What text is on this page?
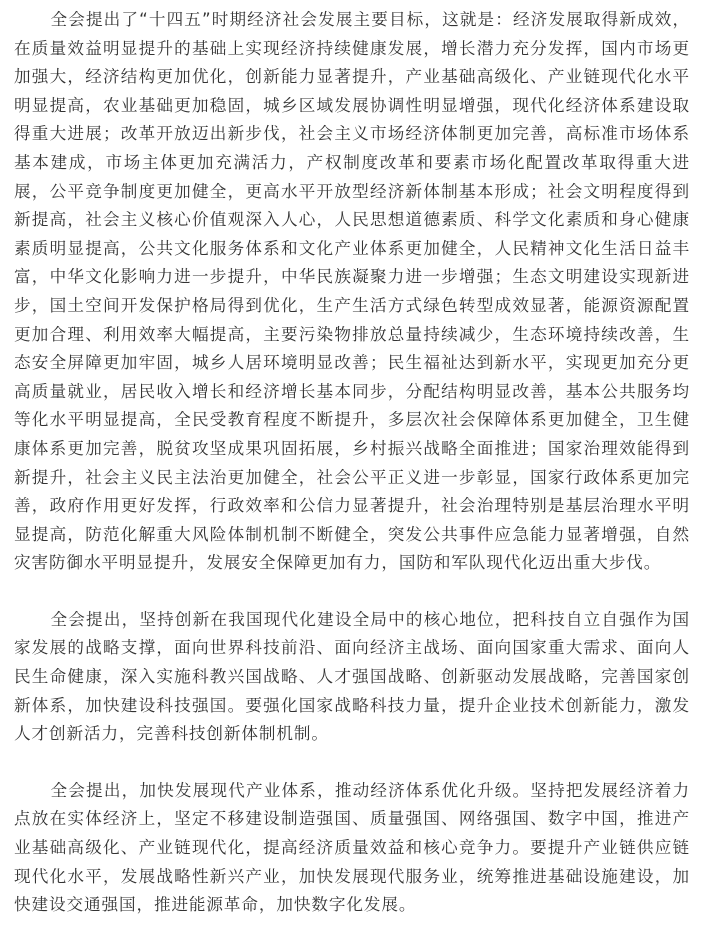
全会提出了“十四五”时期经济社会发展主要目标，这就是：经济发展取得新成效，在质量效益明显提升的基础上实现经济持续健康发展，增长潜力充分发挥，国内市场更加强大，经济结构更加优化，创新能力显著提升，产业基础高级化、产业链现代化水平明显提高，农业基础更加稳固，城乡区域发展协调性明显增强，现代化经济体系建设取得重大进展；改革开放迈出新步伐，社会主义市场经济体制更加完善，高标准市场体系基本建成，市场主体更加充满活力，产权制度改革和要素市场化配置改革取得重大进展，公平竞争制度更加健全，更高水平开放型经济新体制基本形成；社会文明程度得到新提高，社会主义核心价值观深入人心，人民思想道德素质、科学文化素质和身心健康素质明显提高，公共文化服务体系和文化产业体系更加健全，人民精神文化生活日益丰富，中华文化影响力进一步提升，中华民族凝聚力进一步增强；生态文明建设实现新进步，国土空间开发保护格局得到优化，生产生活方式绿色转型成效显著，能源资源配置更加合理、利用效率大幅提高，主要污染物排放总量持续减少，生态环境持续改善，生态安全屏障更加牢固，城乡人居环境明显改善；民生福祉达到新水平，实现更加充分更高质量就业，居民收入增长和经济增长基本同步，分配结构明显改善，基本公共服务均等化水平明显提高，全民受教育程度不断提升，多层次社会保障体系更加健全，卫生健康体系更加完善，脱贫攻坚成果巩固拓展，乡村振兴战略全面推进；国家治理效能得到新提升，社会主义民主法治更加健全，社会公平正义进一步彰显，国家行政体系更加完善，政府作用更好发挥，行政效率和公信力显著提升，社会治理特别是基层治理水平明显提高，防范化解重大风险体制机制不断健全，突发公共事件应急能力显著增强，自然灾害防御水平明显提升，发展安全保障更加有力，国防和军队现代化迈出重大步伐。

全会提出，坚持创新在我国现代化建设全局中的核心地位，把科技自立自强作为国家发展的战略支撑，面向世界科技前沿、面向经济主战场、面向国家重大需求、面向人民生命健康，深入实施科教兴国战略、人才强国战略、创新驱动发展战略，完善国家创新体系，加快建设科技强国。要强化国家战略科技力量，提升企业技术创新能力，激发人才创新活力，完善科技创新体制机制。

全会提出，加快发展现代产业体系，推动经济体系优化升级。坚持把发展经济着力点放在实体经济上，坚定不移建设制造强国、质量强国、网络强国、数字中国，推进产业基础高级化、产业链现代化，提高经济质量效益和核心竞争力。要提升产业链供应链现代化水平，发展战略性新兴产业，加快发展现代服务业，统筹推进基础设施建设，加快建设交通强国，推进能源革命，加快数字化发展。
